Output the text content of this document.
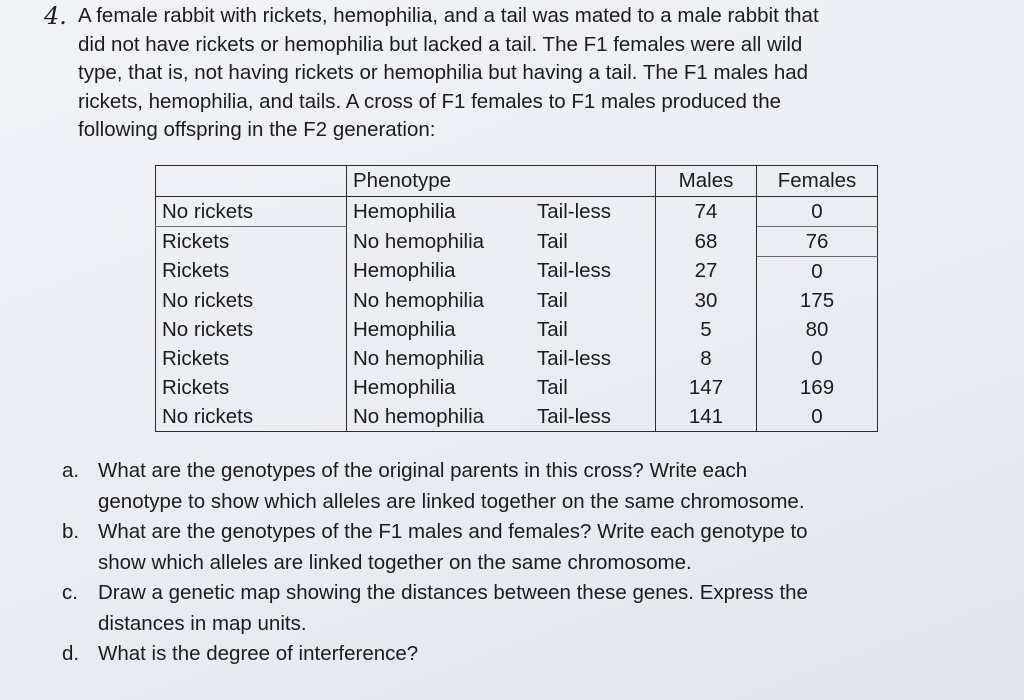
4. A female rabbit with rickets, hemophilia, and a tail was mated to a male rabbit that
did not have rickets or hemophilia but lacked a tail. The F1 females were all wild
type, that is, not having rickets or hemophilia but having a tail. The F1 males had
rickets, hemophilia, and tails. A cross of F1 females to F1 males produced the
following offspring in the F2 generation:
	Phenotype		Males	Females
No rickets	Hemophilia	Tail-less	74	0
Rickets	No hemophilia	Tail	68	76
Rickets	Hemophilia	Tail-less	27	0
No rickets	No hemophilia	Tail	30	175
No rickets	Hemophilia	Tail	5	80
Rickets	No hemophilia	Tail-less	8	0
Rickets	Hemophilia	Tail	147	169
No rickets	No hemophilia	Tail-less	141	0
a. What are the genotypes of the original parents in this cross? Write each
genotype to show which alleles are linked together on the same chromosome.
b. What are the genotypes of the F1 males and females? Write each genotype to
show which alleles are linked together on the same chromosome.
c. Draw a genetic map showing the distances between these genes. Express the
distances in map units.
d. What is the degree of interference?
